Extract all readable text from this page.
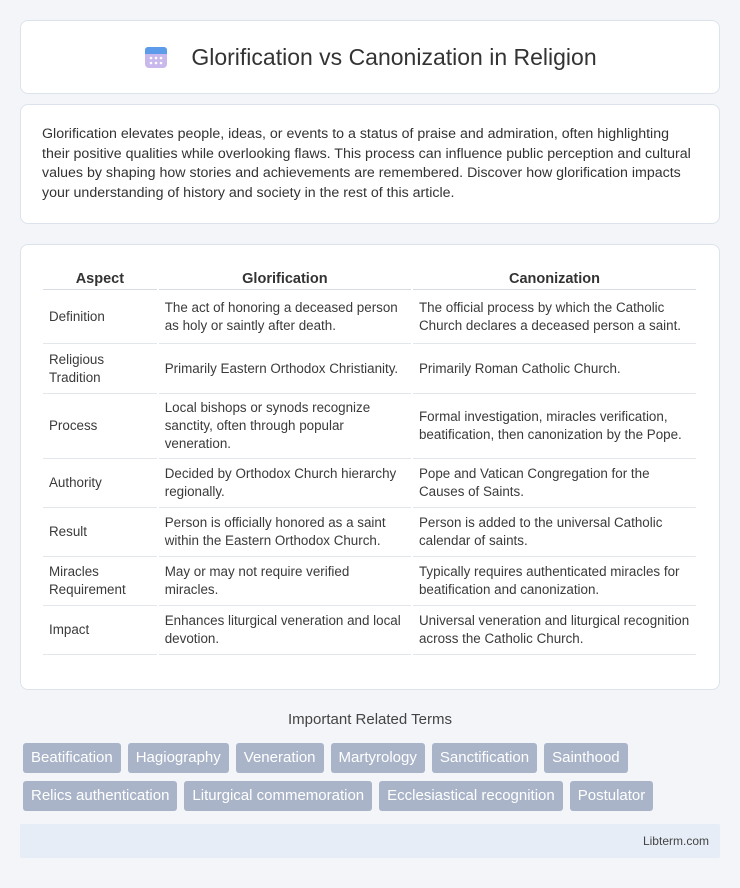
Glorification vs Canonization in Religion

Glorification elevates people, ideas, or events to a status of praise and admiration, often highlighting their positive qualities while overlooking flaws. This process can influence public perception and cultural values by shaping how stories and achievements are remembered. Discover how glorification impacts your understanding of history and society in the rest of this article.

Aspect	Glorification	Canonization
Definition	The act of honoring a deceased person as holy or saintly after death.	The official process by which the Catholic Church declares a deceased person a saint.
Religious Tradition	Primarily Eastern Orthodox Christianity.	Primarily Roman Catholic Church.
Process	Local bishops or synods recognize sanctity, often through popular veneration.	Formal investigation, miracles verification, beatification, then canonization by the Pope.
Authority	Decided by Orthodox Church hierarchy regionally.	Pope and Vatican Congregation for the Causes of Saints.
Result	Person is officially honored as a saint within the Eastern Orthodox Church.	Person is added to the universal Catholic calendar of saints.
Miracles Requirement	May or may not require verified miracles.	Typically requires authenticated miracles for beatification and canonization.
Impact	Enhances liturgical veneration and local devotion.	Universal veneration and liturgical recognition across the Catholic Church.
Important Related Terms
Beatification	Hagiography	Veneration	Martyrology	Sanctification	Sainthood
Relics authentication	Liturgical commemoration	Ecclesiastical recognition	Postulator
Libterm.com
